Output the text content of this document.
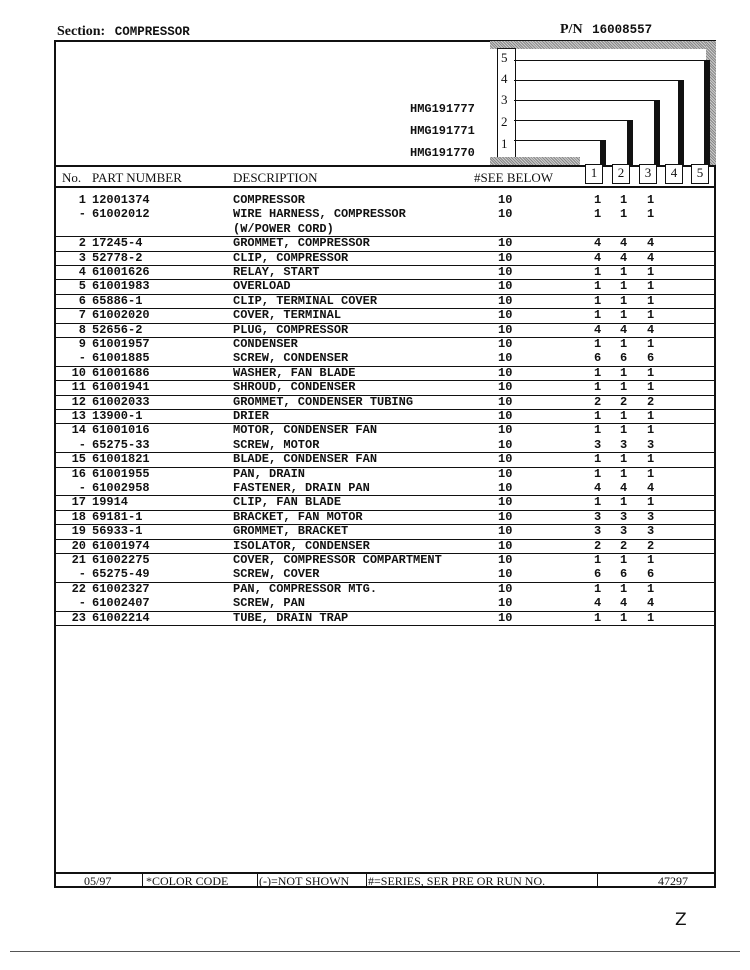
Section: COMPRESSOR	P/N 16008557
5
4
3
2
1
HMG191777
HMG191771
HMG191770
No. PART NUMBER	DESCRIPTION	#SEE BELOW	1	2	3	4	5
1 12001374	COMPRESSOR	10	1 1 1
- 61002012	WIRE HARNESS, COMPRESSOR	10	1 1 1
(W/POWER CORD)
2 17245-4	GROMMET, COMPRESSOR	10	4 4 4
3 52778-2	CLIP, COMPRESSOR	10	4 4 4
4 61001626	RELAY, START	10	1 1 1
5 61001983	OVERLOAD	10	1 1 1
6 65886-1	CLIP, TERMINAL COVER	10	1 1 1
7 61002020	COVER, TERMINAL	10	1 1 1
8 52656-2	PLUG, COMPRESSOR	10	4 4 4
9 61001957	CONDENSER	10	1 1 1
- 61001885	SCREW, CONDENSER	10	6 6 6
10 61001686	WASHER, FAN BLADE	10	1 1 1
11 61001941	SHROUD, CONDENSER	10	1 1 1
12 61002033	GROMMET, CONDENSER TUBING	10	2 2 2
13 13900-1	DRIER	10	1 1 1
14 61001016	MOTOR, CONDENSER FAN	10	1 1 1
- 65275-33	SCREW, MOTOR	10	3 3 3
15 61001821	BLADE, CONDENSER FAN	10	1 1 1
16 61001955	PAN, DRAIN	10	1 1 1
- 61002958	FASTENER, DRAIN PAN	10	4 4 4
17 19914	CLIP, FAN BLADE	10	1 1 1
18 69181-1	BRACKET, FAN MOTOR	10	3 3 3
19 56933-1	GROMMET, BRACKET	10	3 3 3
20 61001974	ISOLATOR, CONDENSER	10	2 2 2
21 61002275	COVER, COMPRESSOR COMPARTMENT	10	1 1 1
- 65275-49	SCREW, COVER	10	6 6 6
22 61002327	PAN, COMPRESSOR MTG.	10	1 1 1
- 61002407	SCREW, PAN	10	4 4 4
23 61002214	TUBE, DRAIN TRAP	10	1 1 1
05/97	*COLOR CODE	(-)=NOT SHOWN #=SERIES, SER PRE OR RUN NO.	47297
Z
